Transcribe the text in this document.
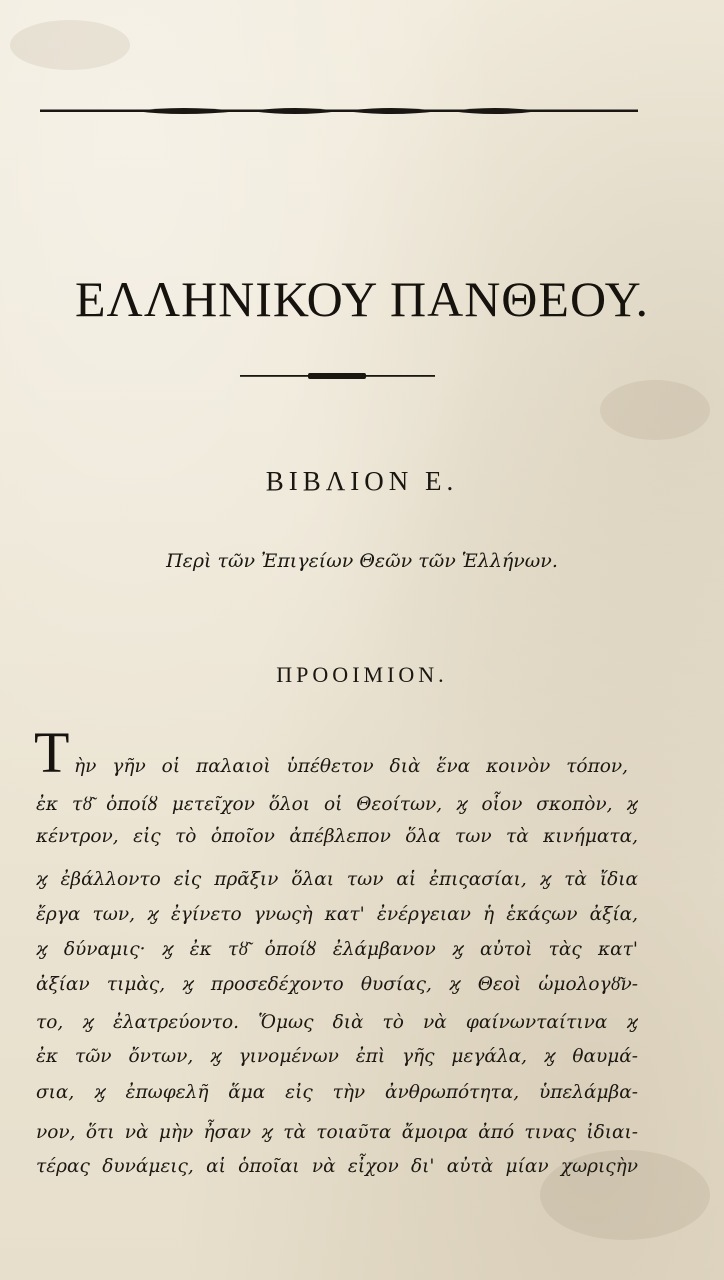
ΕΛΛΗΝΙΚΟΥ ΠΑΝΘΕΟΥ.
ΒΙΒΛΙΟΝ Ε.
Περὶ τῶν Ἐπιγείων Θεῶν τῶν Ἑλλήνων.
ΠΡΟΟΙΜΙΟΝ.
Τ ὴν γῆν οἱ παλαιοὶ ὑπέθετον διὰ ἕνα κοινὸν τόπον,
ἐκ τȣ͂ ὁποίȣ μετεῖχον ὅλοι οἱ Θεοίτων, ϗ οἷον σκοπὸν, ϗ
κέντρον, εἰς τὸ ὁποῖον ἀπέβλεπον ὅλα των τὰ κινήματα,
ϗ ἐβάλλοντο εἰς πρᾶξιν ὅλαι των αἱ ἐπιςασίαι, ϗ τὰ ἴδια
ἔργα των, ϗ ἐγίνετο γνωςὴ κατ' ἐνέργειαν ἡ ἑκάςων ἀξία,
ϗ δύναμις· ϗ ἐκ τȣ͂ ὁποίȣ ἐλάμβανον ϗ αὐτοὶ τὰς κατ'
ἀξίαν τιμὰς, ϗ προσεδέχοντο θυσίας, ϗ Θεοὶ ὡμολογȣ͂ν-
το, ϗ ἐλατρεύοντο. Ὅμως διὰ τὸ νὰ φαίνωνταίτινα ϗ
ἐκ τῶν ὄντων, ϗ γινομένων ἐπὶ γῆς μεγάλα, ϗ θαυμά-
σια, ϗ ἐπωφελῆ ἅμα εἰς τὴν ἀνθρωπότητα, ὑπελάμβα-
νον, ὅτι νὰ μὴν ἦσαν ϗ τὰ τοιαῦτα ἄμοιρα ἀπό τινας ἰδιαι-
τέρας δυνάμεις, αἱ ὁποῖαι νὰ εἶχον δι' αὐτὰ μίαν χωριςὴν
